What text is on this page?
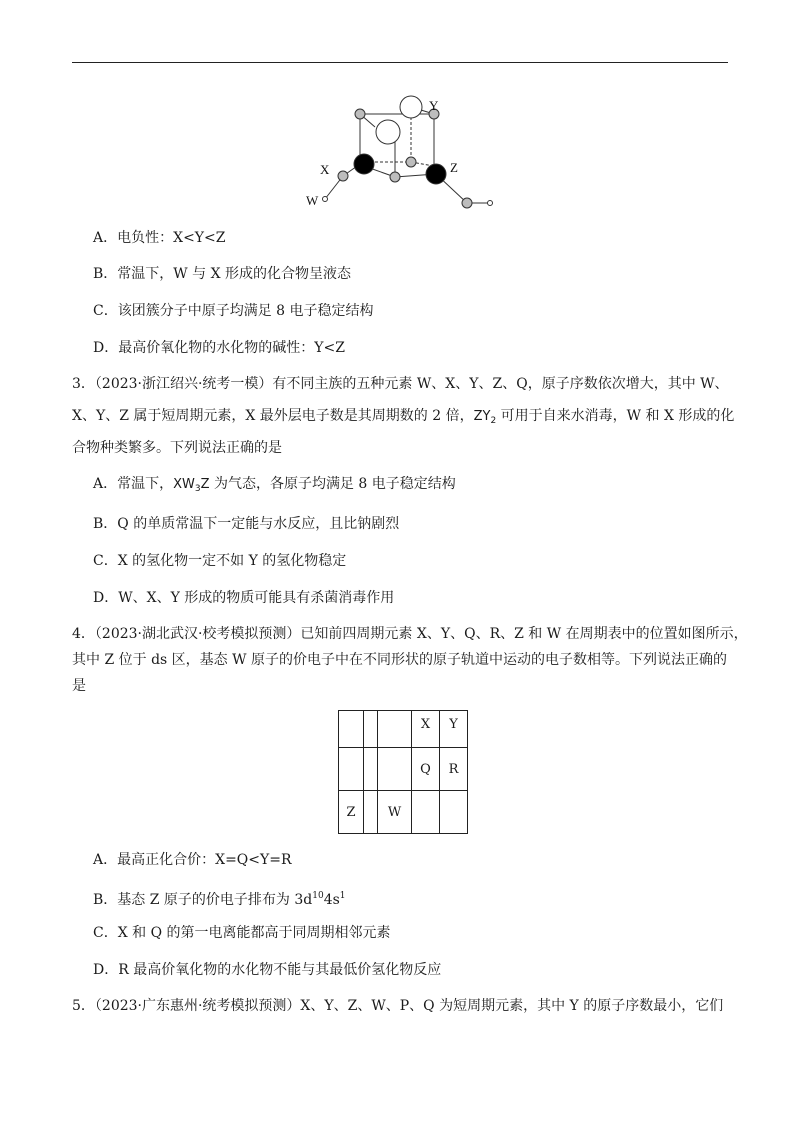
Y
X	Z
W
A．电负性：X<Y<Z
B．常温下，W 与 X 形成的化合物呈液态
C．该团簇分子中原子均满足 8 电子稳定结构
D．最高价氧化物的水化物的碱性：Y<Z
3．（2023·浙江绍兴·统考一模）有不同主族的五种元素 W、X、Y、Z、Q，原子序数依次增大，其中 W、
X、Y、Z 属于短周期元素，X 最外层电子数是其周期数的 2 倍，$ZY_2$ 可用于自来水消毒，W 和 X 形成的化
合物种类繁多。下列说法正确的是
A．常温下，$XW_3Z$ 为气态，各原子均满足 8 电子稳定结构
B．Q 的单质常温下一定能与水反应，且比钠剧烈
C．X 的氢化物一定不如 Y 的氢化物稳定
D．W、X、Y 形成的物质可能具有杀菌消毒作用
4．（2023·湖北武汉·校考模拟预测）已知前四周期元素 X、Y、Q、R、Z 和 W 在周期表中的位置如图所示，
其中 Z 位于 ds 区，基态 W 原子的价电子中在不同形状的原子轨道中运动的电子数相等。下列说法正确的
是
			X	Y
			Q	R
Z		W		
A．最高正化合价：X=Q<Y=R
B．基态 Z 原子的价电子排布为 $3d^{10}4s^1$
C．X 和 Q 的第一电离能都高于同周期相邻元素
D．R 最高价氧化物的水化物不能与其最低价氢化物反应
5．（2023·广东惠州·统考模拟预测）X、Y、Z、W、P、Q 为短周期元素，其中 Y 的原子序数最小，它们
